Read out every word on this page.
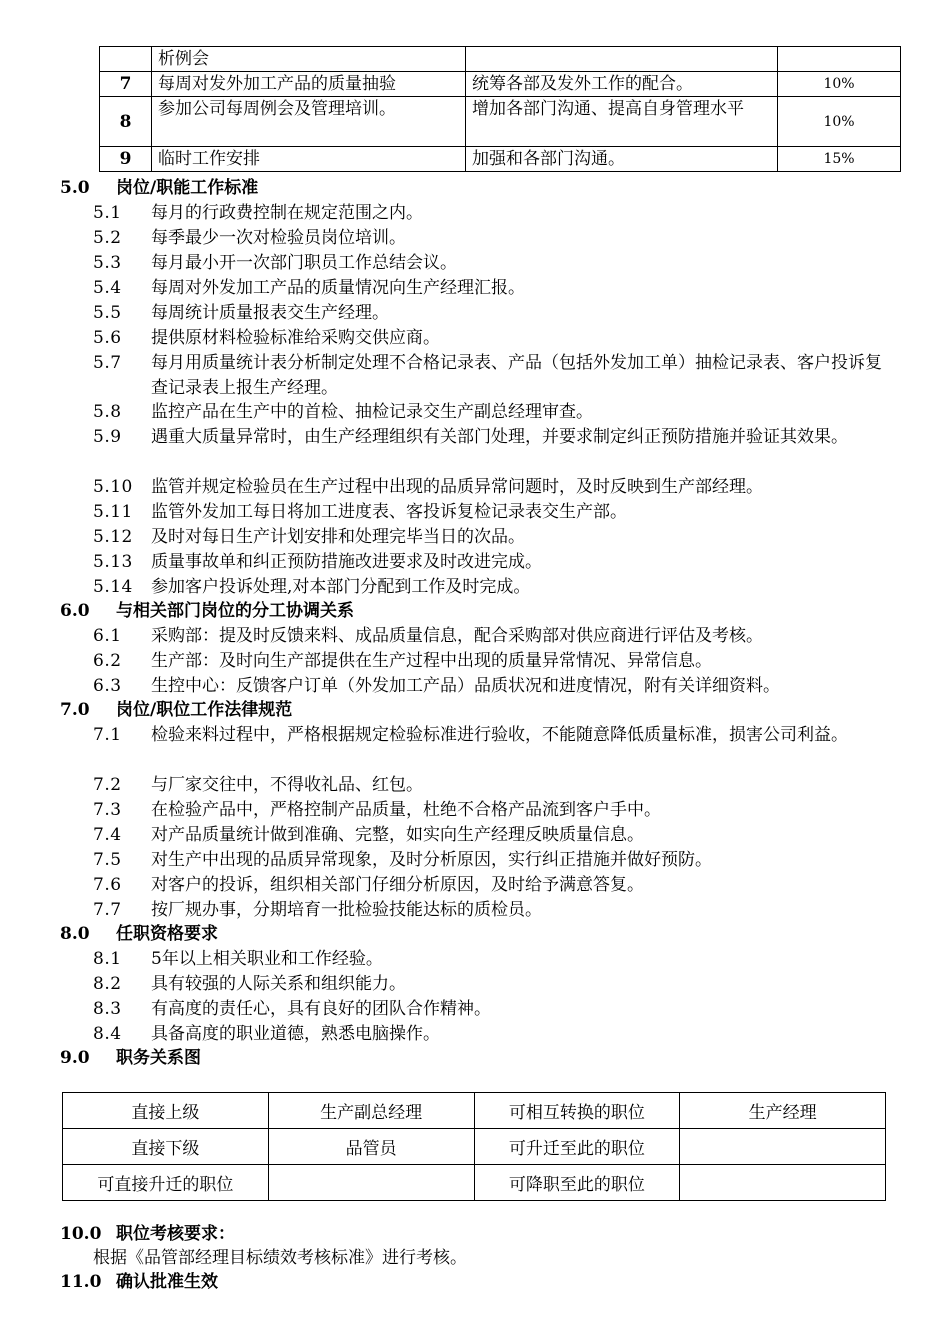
	析例会		
7	每周对发外加工产品的质量抽验	统筹各部及发外工作的配合。	10%
8	参加公司每周例会及管理培训。	增加各部门沟通、提高自身管理水平	10%
9	临时工作安排	加强和各部门沟通。	15%
5.0 岗位/职能工作标准
5.1	每月的行政费控制在规定范围之内。
5.2	每季最少一次对检验员岗位培训。
5.3	每月最小开一次部门职员工作总结会议。
5.4	每周对外发加工产品的质量情况向生产经理汇报。
5.5	每周统计质量报表交生产经理。
5.6	提供原材料检验标准给采购交供应商。
5.7	每月用质量统计表分析制定处理不合格记录表、产品（包括外发加工单）抽检记录表、客户投诉复查记录表上报生产经理。
5.8	监控产品在生产中的首检、抽检记录交生产副总经理审查。
5.9	遇重大质量异常时，由生产经理组织有关部门处理，并要求制定纠正预防措施并验证其效果。
5.10	监管并规定检验员在生产过程中出现的品质异常问题时，及时反映到生产部经理。
5.11	监管外发加工每日将加工进度表、客投诉复检记录表交生产部。
5.12	及时对每日生产计划安排和处理完毕当日的次品。
5.13	质量事故单和纠正预防措施改进要求及时改进完成。
5.14	参加客户投诉处理,对本部门分配到工作及时完成。
6.0 与相关部门岗位的分工协调关系
6.1	采购部：提及时反馈来料、成品质量信息，配合采购部对供应商进行评估及考核。
6.2	生产部：及时向生产部提供在生产过程中出现的质量异常情况、异常信息。
6.3	生控中心：反馈客户订单（外发加工产品）品质状况和进度情况，附有关详细资料。
7.0 岗位/职位工作法律规范
7.1	检验来料过程中，严格根据规定检验标准进行验收，不能随意降低质量标准，损害公司利益。
7.2	与厂家交往中，不得收礼品、红包。
7.3	在检验产品中，严格控制产品质量，杜绝不合格产品流到客户手中。
7.4	对产品质量统计做到准确、完整，如实向生产经理反映质量信息。
7.5	对生产中出现的品质异常现象，及时分析原因，实行纠正措施并做好预防。
7.6	对客户的投诉，组织相关部门仔细分析原因，及时给予满意答复。
7.7	按厂规办事，分期培育一批检验技能达标的质检员。
8.0 任职资格要求
8.1	5年以上相关职业和工作经验。
8.2	具有较强的人际关系和组织能力。
8.3	有高度的责任心，具有良好的团队合作精神。
8.4	具备高度的职业道德，熟悉电脑操作。
9.0 职务关系图
直接上级	生产副总经理	可相互转换的职位	生产经理
直接下级	品管员	可升迁至此的职位	
可直接升迁的职位		可降职至此的职位	
10.0 职位考核要求：
根据《品管部经理目标绩效考核标准》进行考核。
11.0 确认批准生效
